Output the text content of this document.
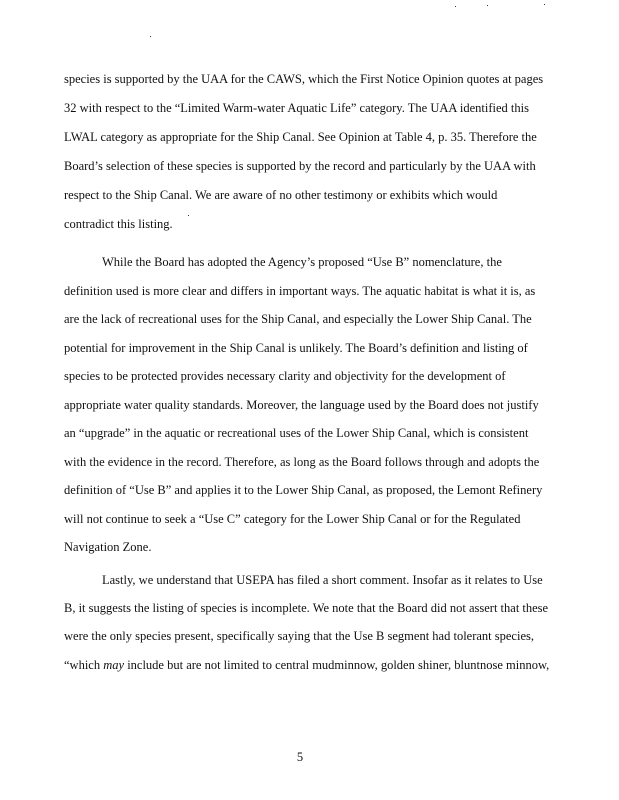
species is supported by the UAA for the CAWS, which the First Notice Opinion quotes at pages
32 with respect to the “Limited Warm-water Aquatic Life” category. The UAA identified this
LWAL category as appropriate for the Ship Canal. See Opinion at Table 4, p. 35. Therefore the
Board’s selection of these species is supported by the record and particularly by the UAA with
respect to the Ship Canal. We are aware of no other testimony or exhibits which would
contradict this listing.
While the Board has adopted the Agency’s proposed “Use B” nomenclature, the
definition used is more clear and differs in important ways. The aquatic habitat is what it is, as
are the lack of recreational uses for the Ship Canal, and especially the Lower Ship Canal. The
potential for improvement in the Ship Canal is unlikely. The Board’s definition and listing of
species to be protected provides necessary clarity and objectivity for the development of
appropriate water quality standards. Moreover, the language used by the Board does not justify
an “upgrade” in the aquatic or recreational uses of the Lower Ship Canal, which is consistent
with the evidence in the record. Therefore, as long as the Board follows through and adopts the
definition of “Use B” and applies it to the Lower Ship Canal, as proposed, the Lemont Refinery
will not continue to seek a “Use C” category for the Lower Ship Canal or for the Regulated
Navigation Zone.
Lastly, we understand that USEPA has filed a short comment. Insofar as it relates to Use
B, it suggests the listing of species is incomplete. We note that the Board did not assert that these
were the only species present, specifically saying that the Use B segment had tolerant species,
“which may include but are not limited to central mudminnow, golden shiner, bluntnose minnow,
5
